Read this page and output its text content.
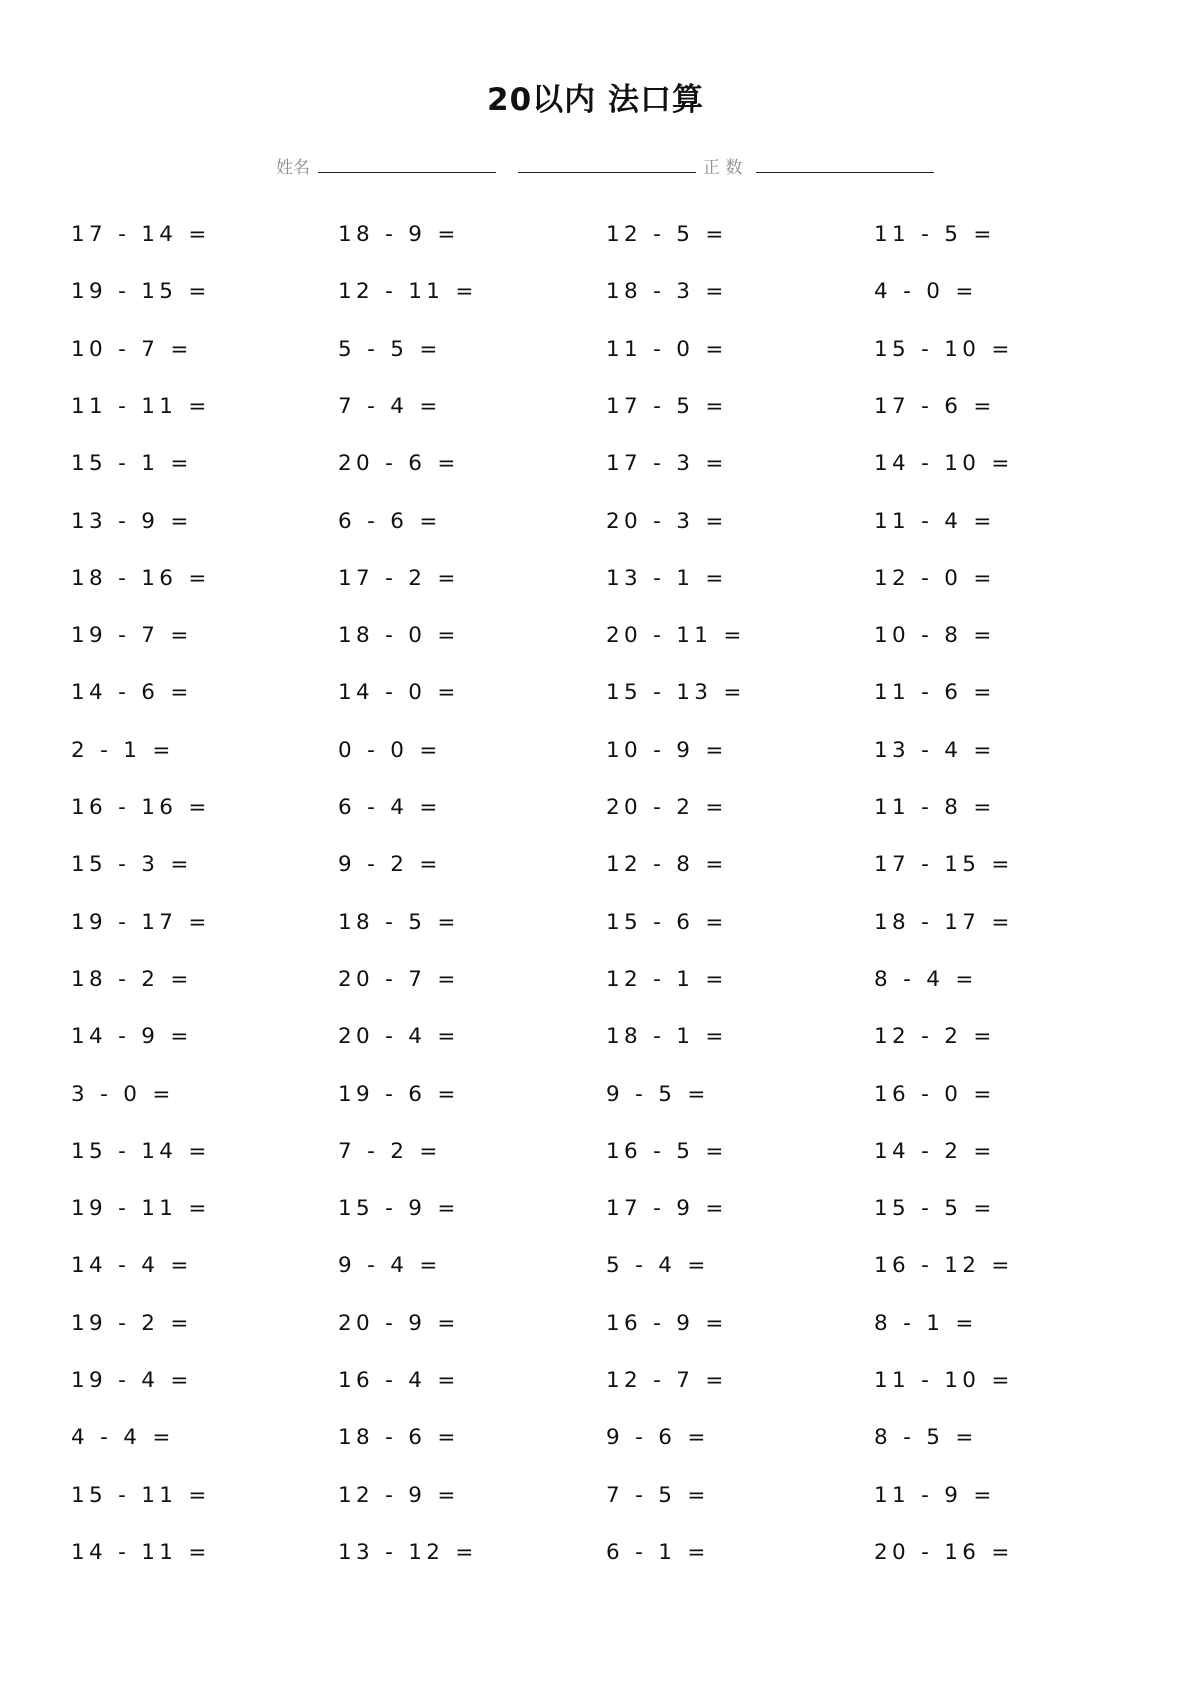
20以内 法口算
姓名	正 数
17 - 14 =
19 - 15 =
10 - 7 =
11 - 11 =
15 - 1 =
13 - 9 =
18 - 16 =
19 - 7 =
14 - 6 =
2 - 1 =
16 - 16 =
15 - 3 =
19 - 17 =
18 - 2 =
14 - 9 =
3 - 0 =
15 - 14 =
19 - 11 =
14 - 4 =
19 - 2 =
19 - 4 =
4 - 4 =
15 - 11 =
14 - 11 =
18 - 9 =
12 - 11 =
5 - 5 =
7 - 4 =
20 - 6 =
6 - 6 =
17 - 2 =
18 - 0 =
14 - 0 =
0 - 0 =
6 - 4 =
9 - 2 =
18 - 5 =
20 - 7 =
20 - 4 =
19 - 6 =
7 - 2 =
15 - 9 =
9 - 4 =
20 - 9 =
16 - 4 =
18 - 6 =
12 - 9 =
13 - 12 =
12 - 5 =
18 - 3 =
11 - 0 =
17 - 5 =
17 - 3 =
20 - 3 =
13 - 1 =
20 - 11 =
15 - 13 =
10 - 9 =
20 - 2 =
12 - 8 =
15 - 6 =
12 - 1 =
18 - 1 =
9 - 5 =
16 - 5 =
17 - 9 =
5 - 4 =
16 - 9 =
12 - 7 =
9 - 6 =
7 - 5 =
6 - 1 =
11 - 5 =
4 - 0 =
15 - 10 =
17 - 6 =
14 - 10 =
11 - 4 =
12 - 0 =
10 - 8 =
11 - 6 =
13 - 4 =
11 - 8 =
17 - 15 =
18 - 17 =
8 - 4 =
12 - 2 =
16 - 0 =
14 - 2 =
15 - 5 =
16 - 12 =
8 - 1 =
11 - 10 =
8 - 5 =
11 - 9 =
20 - 16 =
